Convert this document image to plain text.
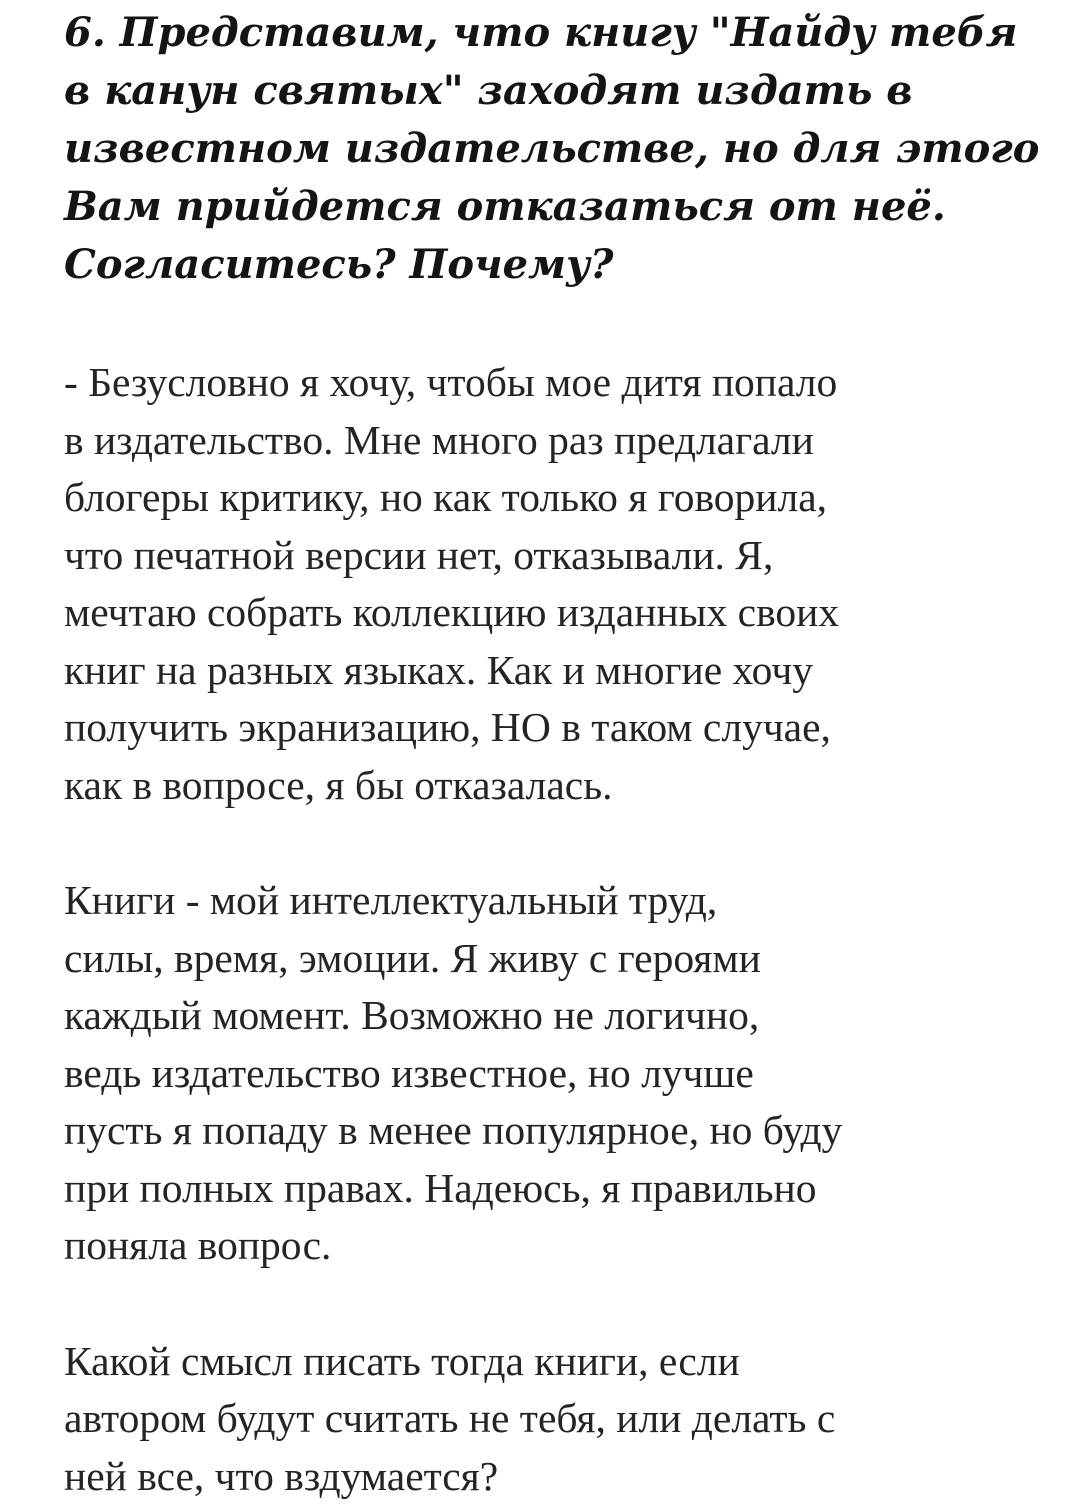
6. Представим, что книгу "Найду тебя
в канун святых" заходят издать в
известном издательстве, но для этого
Вам прийдется отказаться от неё.
Согласитесь? Почему?

- Безусловно я хочу, чтобы мое дитя попало
в издательство. Мне много раз предлагали
блогеры критику, но как только я говорила,
что печатной версии нет, отказывали. Я,
мечтаю собрать коллекцию изданных своих
книг на разных языках. Как и многие хочу
получить экранизацию, НО в таком случае,
как в вопросе, я бы отказалась.

Книги - мой интеллектуальный труд,
силы, время, эмоции. Я живу с героями
каждый момент. Возможно не логично,
ведь издательство известное, но лучше
пусть я попаду в менее популярное, но буду
при полных правах. Надеюсь, я правильно
поняла вопрос.

Какой смысл писать тогда книги, если
автором будут считать не тебя, или делать с
ней все, что вздумается?
